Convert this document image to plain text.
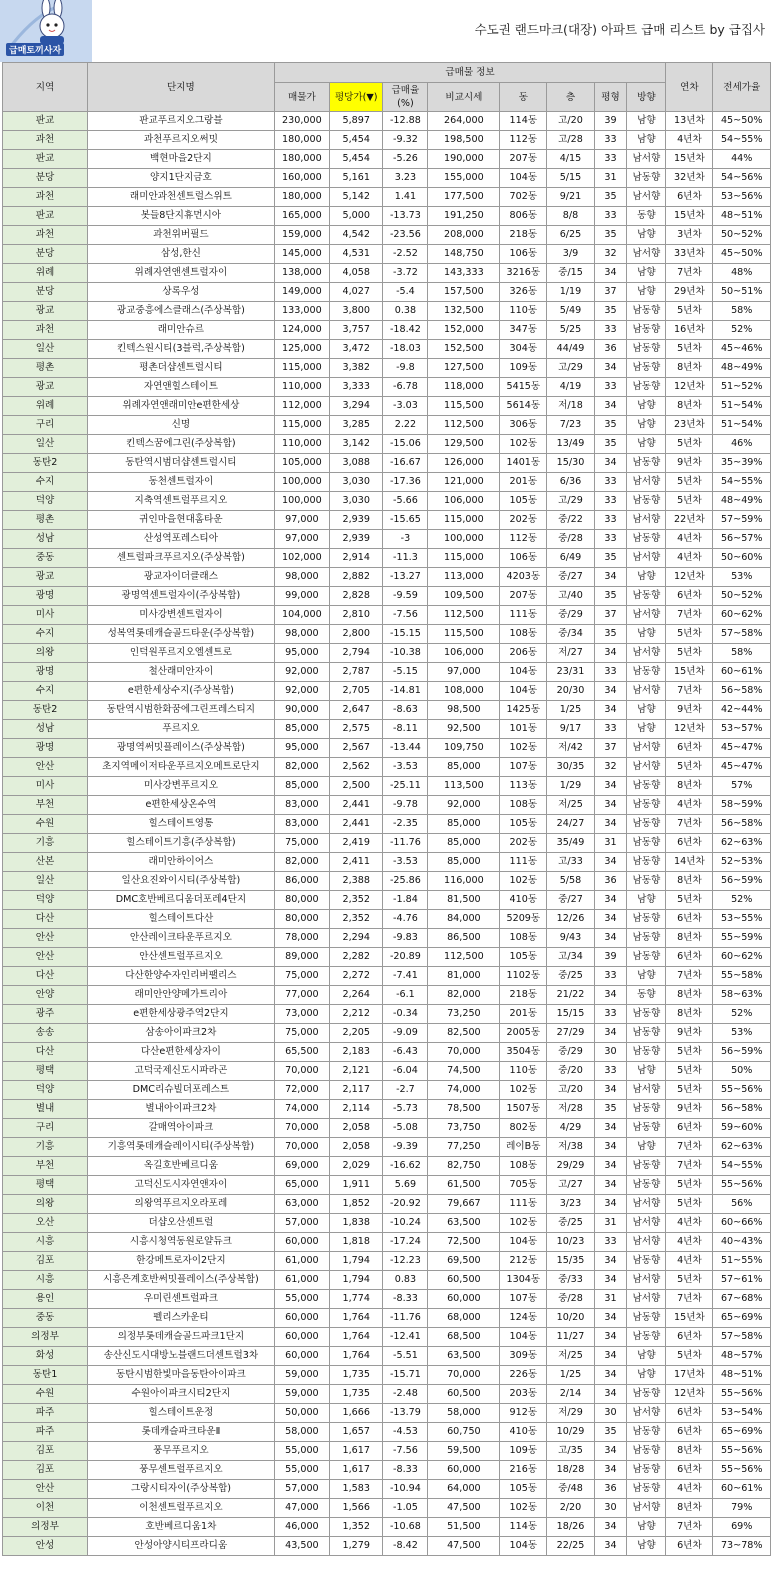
급매토끼사자
수도권 랜드마크(대장) 아파트 급매 리스트 by 급집사
지역	단지명	급매물 정보								연차	전세가율
		매물가	평당가(▼)	급매율
(%)	비교시세	동	층	평형	방향		
판교	판교푸르지오그랑블	230,000	5,897	-12.88	264,000	114동	고/20	39	남향	13년차	45~50%
과천	과천푸르지오써밋	180,000	5,454	-9.32	198,500	112동	고/28	33	남향	4년차	54~55%
판교	백현마을2단지	180,000	5,454	-5.26	190,000	207동	4/15	33	남서향	15년차	44%
분당	양지1단지금호	160,000	5,161	3.23	155,000	104동	5/15	31	남동향	32년차	54~56%
과천	래미안과천센트럴스위트	180,000	5,142	1.41	177,500	702동	9/21	35	남서향	6년차	53~56%
판교	봇들8단지휴먼시아	165,000	5,000	-13.73	191,250	806동	8/8	33	동향	15년차	48~51%
과천	과천위버필드	159,000	4,542	-23.56	208,000	218동	6/25	35	남향	3년차	50~52%
분당	삼성,한신	145,000	4,531	-2.52	148,750	106동	3/9	32	남서향	33년차	45~50%
위례	위례자연앤센트럴자이	138,000	4,058	-3.72	143,333	3216동	중/15	34	남향	7년차	48%
분당	상록우성	149,000	4,027	-5.4	157,500	326동	1/19	37	남향	29년차	50~51%
광교	광교중흥에스클래스(주상복합)	133,000	3,800	0.38	132,500	110동	5/49	35	남동향	5년차	58%
과천	래미안슈르	124,000	3,757	-18.42	152,000	347동	5/25	33	남동향	16년차	52%
일산	킨텍스원시티(3블럭,주상복합)	125,000	3,472	-18.03	152,500	304동	44/49	36	남동향	5년차	45~46%
평촌	평촌더샵센트럴시티	115,000	3,382	-9.8	127,500	109동	고/29	34	남동향	8년차	48~49%
광교	자연앤힐스테이트	110,000	3,333	-6.78	118,000	5415동	4/19	33	남동향	12년차	51~52%
위례	위례자연앤래미안e편한세상	112,000	3,294	-3.03	115,500	5614동	저/18	34	남향	8년차	51~54%
구리	신명	115,000	3,285	2.22	112,500	306동	7/23	35	남향	23년차	51~54%
일산	킨텍스꿈에그린(주상복합)	110,000	3,142	-15.06	129,500	102동	13/49	35	남향	5년차	46%
동탄2	동탄역시범더샵센트럴시티	105,000	3,088	-16.67	126,000	1401동	15/30	34	남동향	9년차	35~39%
수지	동천센트럴자이	100,000	3,030	-17.36	121,000	201동	6/36	33	남서향	5년차	54~55%
덕양	지축역센트럴푸르지오	100,000	3,030	-5.66	106,000	105동	고/29	33	남동향	5년차	48~49%
평촌	귀인마을현대홈타운	97,000	2,939	-15.65	115,000	202동	중/22	33	남서향	22년차	57~59%
성남	산성역포레스티아	97,000	2,939	-3	100,000	112동	중/28	33	남동향	4년차	56~57%
중동	센트럴파크푸르지오(주상복합)	102,000	2,914	-11.3	115,000	106동	6/49	35	남서향	4년차	50~60%
광교	광교자이더클래스	98,000	2,882	-13.27	113,000	4203동	중/27	34	남향	12년차	53%
광명	광명역센트럴자이(주상복합)	99,000	2,828	-9.59	109,500	207동	고/40	35	남동향	6년차	50~52%
미사	미사강변센트럴자이	104,000	2,810	-7.56	112,500	111동	중/29	37	남서향	7년차	60~62%
수지	성복역롯데캐슬골드타운(주상복합)	98,000	2,800	-15.15	115,500	108동	중/34	35	남향	5년차	57~58%
의왕	인덕원푸르지오엘센트로	95,000	2,794	-10.38	106,000	206동	저/27	34	남서향	5년차	58%
광명	철산래미안자이	92,000	2,787	-5.15	97,000	104동	23/31	33	남동향	15년차	60~61%
수지	e편한세상수지(주상복합)	92,000	2,705	-14.81	108,000	104동	20/30	34	남서향	7년차	56~58%
동탄2	동탄역시범한화꿈에그린프레스티지	90,000	2,647	-8.63	98,500	1425동	1/25	34	남향	9년차	42~44%
성남	푸르지오	85,000	2,575	-8.11	92,500	101동	9/17	33	남향	12년차	53~57%
광명	광명역써밋플레이스(주상복합)	95,000	2,567	-13.44	109,750	102동	저/42	37	남서향	6년차	45~47%
안산	초지역메이저타운푸르지오메트로단지	82,000	2,562	-3.53	85,000	107동	30/35	32	남서향	5년차	45~47%
미사	미사강변푸르지오	85,000	2,500	-25.11	113,500	113동	1/29	34	남동향	8년차	57%
부천	e편한세상온수역	83,000	2,441	-9.78	92,000	108동	저/25	34	남동향	4년차	58~59%
수원	힐스테이트영통	83,000	2,441	-2.35	85,000	105동	24/27	34	남동향	7년차	56~58%
기흥	힐스테이트기흥(주상복합)	75,000	2,419	-11.76	85,000	202동	35/49	31	남동향	6년차	62~63%
산본	래미안하이어스	82,000	2,411	-3.53	85,000	111동	고/33	34	남동향	14년차	52~53%
일산	일산요진와이시티(주상복합)	86,000	2,388	-25.86	116,000	102동	5/58	36	남동향	8년차	56~59%
덕양	DMC호반베르디움더포레4단지	80,000	2,352	-1.84	81,500	410동	중/27	34	남향	5년차	52%
다산	힐스테이트다산	80,000	2,352	-4.76	84,000	5209동	12/26	34	남동향	6년차	53~55%
안산	안산레이크타운푸르지오	78,000	2,294	-9.83	86,500	108동	9/43	34	남동향	8년차	55~59%
안산	안산센트럴푸르지오	89,000	2,282	-20.89	112,500	105동	고/34	39	남동향	6년차	60~62%
다산	다산한양수자인리버팰리스	75,000	2,272	-7.41	81,000	1102동	중/25	33	남향	7년차	55~58%
안양	래미안안양메가트리아	77,000	2,264	-6.1	82,000	218동	21/22	34	동향	8년차	58~63%
광주	e편한세상광주역2단지	73,000	2,212	-0.34	73,250	201동	15/15	33	남동향	8년차	52%
송송	삼송아이파크2차	75,000	2,205	-9.09	82,500	2005동	27/29	34	남동향	9년차	53%
다산	다산e편한세상자이	65,500	2,183	-6.43	70,000	3504동	중/29	30	남동향	5년차	56~59%
평택	고덕국제신도시파라곤	70,000	2,121	-6.04	74,500	110동	중/20	33	남향	5년차	50%
덕양	DMC리슈빌더포레스트	72,000	2,117	-2.7	74,000	102동	고/20	34	남서향	5년차	55~56%
별내	별내아이파크2차	74,000	2,114	-5.73	78,500	1507동	저/28	35	남동향	9년차	56~58%
구리	갈매역아이파크	70,000	2,058	-5.08	73,750	802동	4/29	34	남동향	6년차	59~60%
기흥	기흥역롯데캐슬레이시티(주상복합)	70,000	2,058	-9.39	77,250	레이B동	저/38	34	남향	7년차	62~63%
부천	옥길호반베르디움	69,000	2,029	-16.62	82,750	108동	29/29	34	남동향	7년차	54~55%
평택	고덕신도시자연앤자이	65,000	1,911	5.69	61,500	705동	고/27	34	남동향	5년차	55~56%
의왕	의왕역푸르지오라포레	63,000	1,852	-20.92	79,667	111동	3/23	34	남서향	5년차	56%
오산	더샵오산센트럴	57,000	1,838	-10.24	63,500	102동	중/25	31	남서향	4년차	60~66%
시흥	시흥시청역동원로얄듀크	60,000	1,818	-17.24	72,500	104동	10/23	33	남서향	4년차	40~43%
김포	한강메트로자이2단지	61,000	1,794	-12.23	69,500	212동	15/35	34	남동향	4년차	51~55%
시흥	시흥은계호반써밋플레이스(주상복합)	61,000	1,794	0.83	60,500	1304동	중/33	34	남서향	5년차	57~61%
용인	우미린센트럴파크	55,000	1,774	-8.33	60,000	107동	중/28	31	남서향	7년차	67~68%
중동	펠리스카운티	60,000	1,764	-11.76	68,000	124동	10/20	34	남동향	15년차	65~69%
의정부	의정부롯데캐슬골드파크1단지	60,000	1,764	-12.41	68,500	104동	11/27	34	남동향	6년차	57~58%
화성	송산신도시대방노블랜드더센트럴3차	60,000	1,764	-5.51	63,500	309동	저/25	34	남향	5년차	48~57%
동탄1	동탄시범한빛마을동탄아이파크	59,000	1,735	-15.71	70,000	226동	1/25	34	남향	17년차	48~51%
수원	수원아이파크시티2단지	59,000	1,735	-2.48	60,500	203동	2/14	34	남동향	12년차	55~56%
파주	힐스테이트운정	50,000	1,666	-13.79	58,000	912동	저/29	30	남서향	6년차	53~54%
파주	롯데캐슬파크타운Ⅱ	58,000	1,657	-4.53	60,750	410동	10/29	35	남동향	6년차	65~69%
김포	풍무푸르지오	55,000	1,617	-7.56	59,500	109동	고/35	34	남동향	8년차	55~56%
김포	풍무센트럴푸르지오	55,000	1,617	-8.33	60,000	216동	18/28	34	남동향	6년차	55~56%
안산	그랑시티자이(주상복합)	57,000	1,583	-10.94	64,000	105동	중/48	36	남동향	4년차	60~61%
이천	이천센트럴푸르지오	47,000	1,566	-1.05	47,500	102동	2/20	30	남서향	8년차	79%
의정부	호반베르디움1차	46,000	1,352	-10.68	51,500	114동	18/26	34	남향	7년차	69%
안성	안성아양시티프라디움	43,500	1,279	-8.42	47,500	104동	22/25	34	남향	6년차	73~78%
